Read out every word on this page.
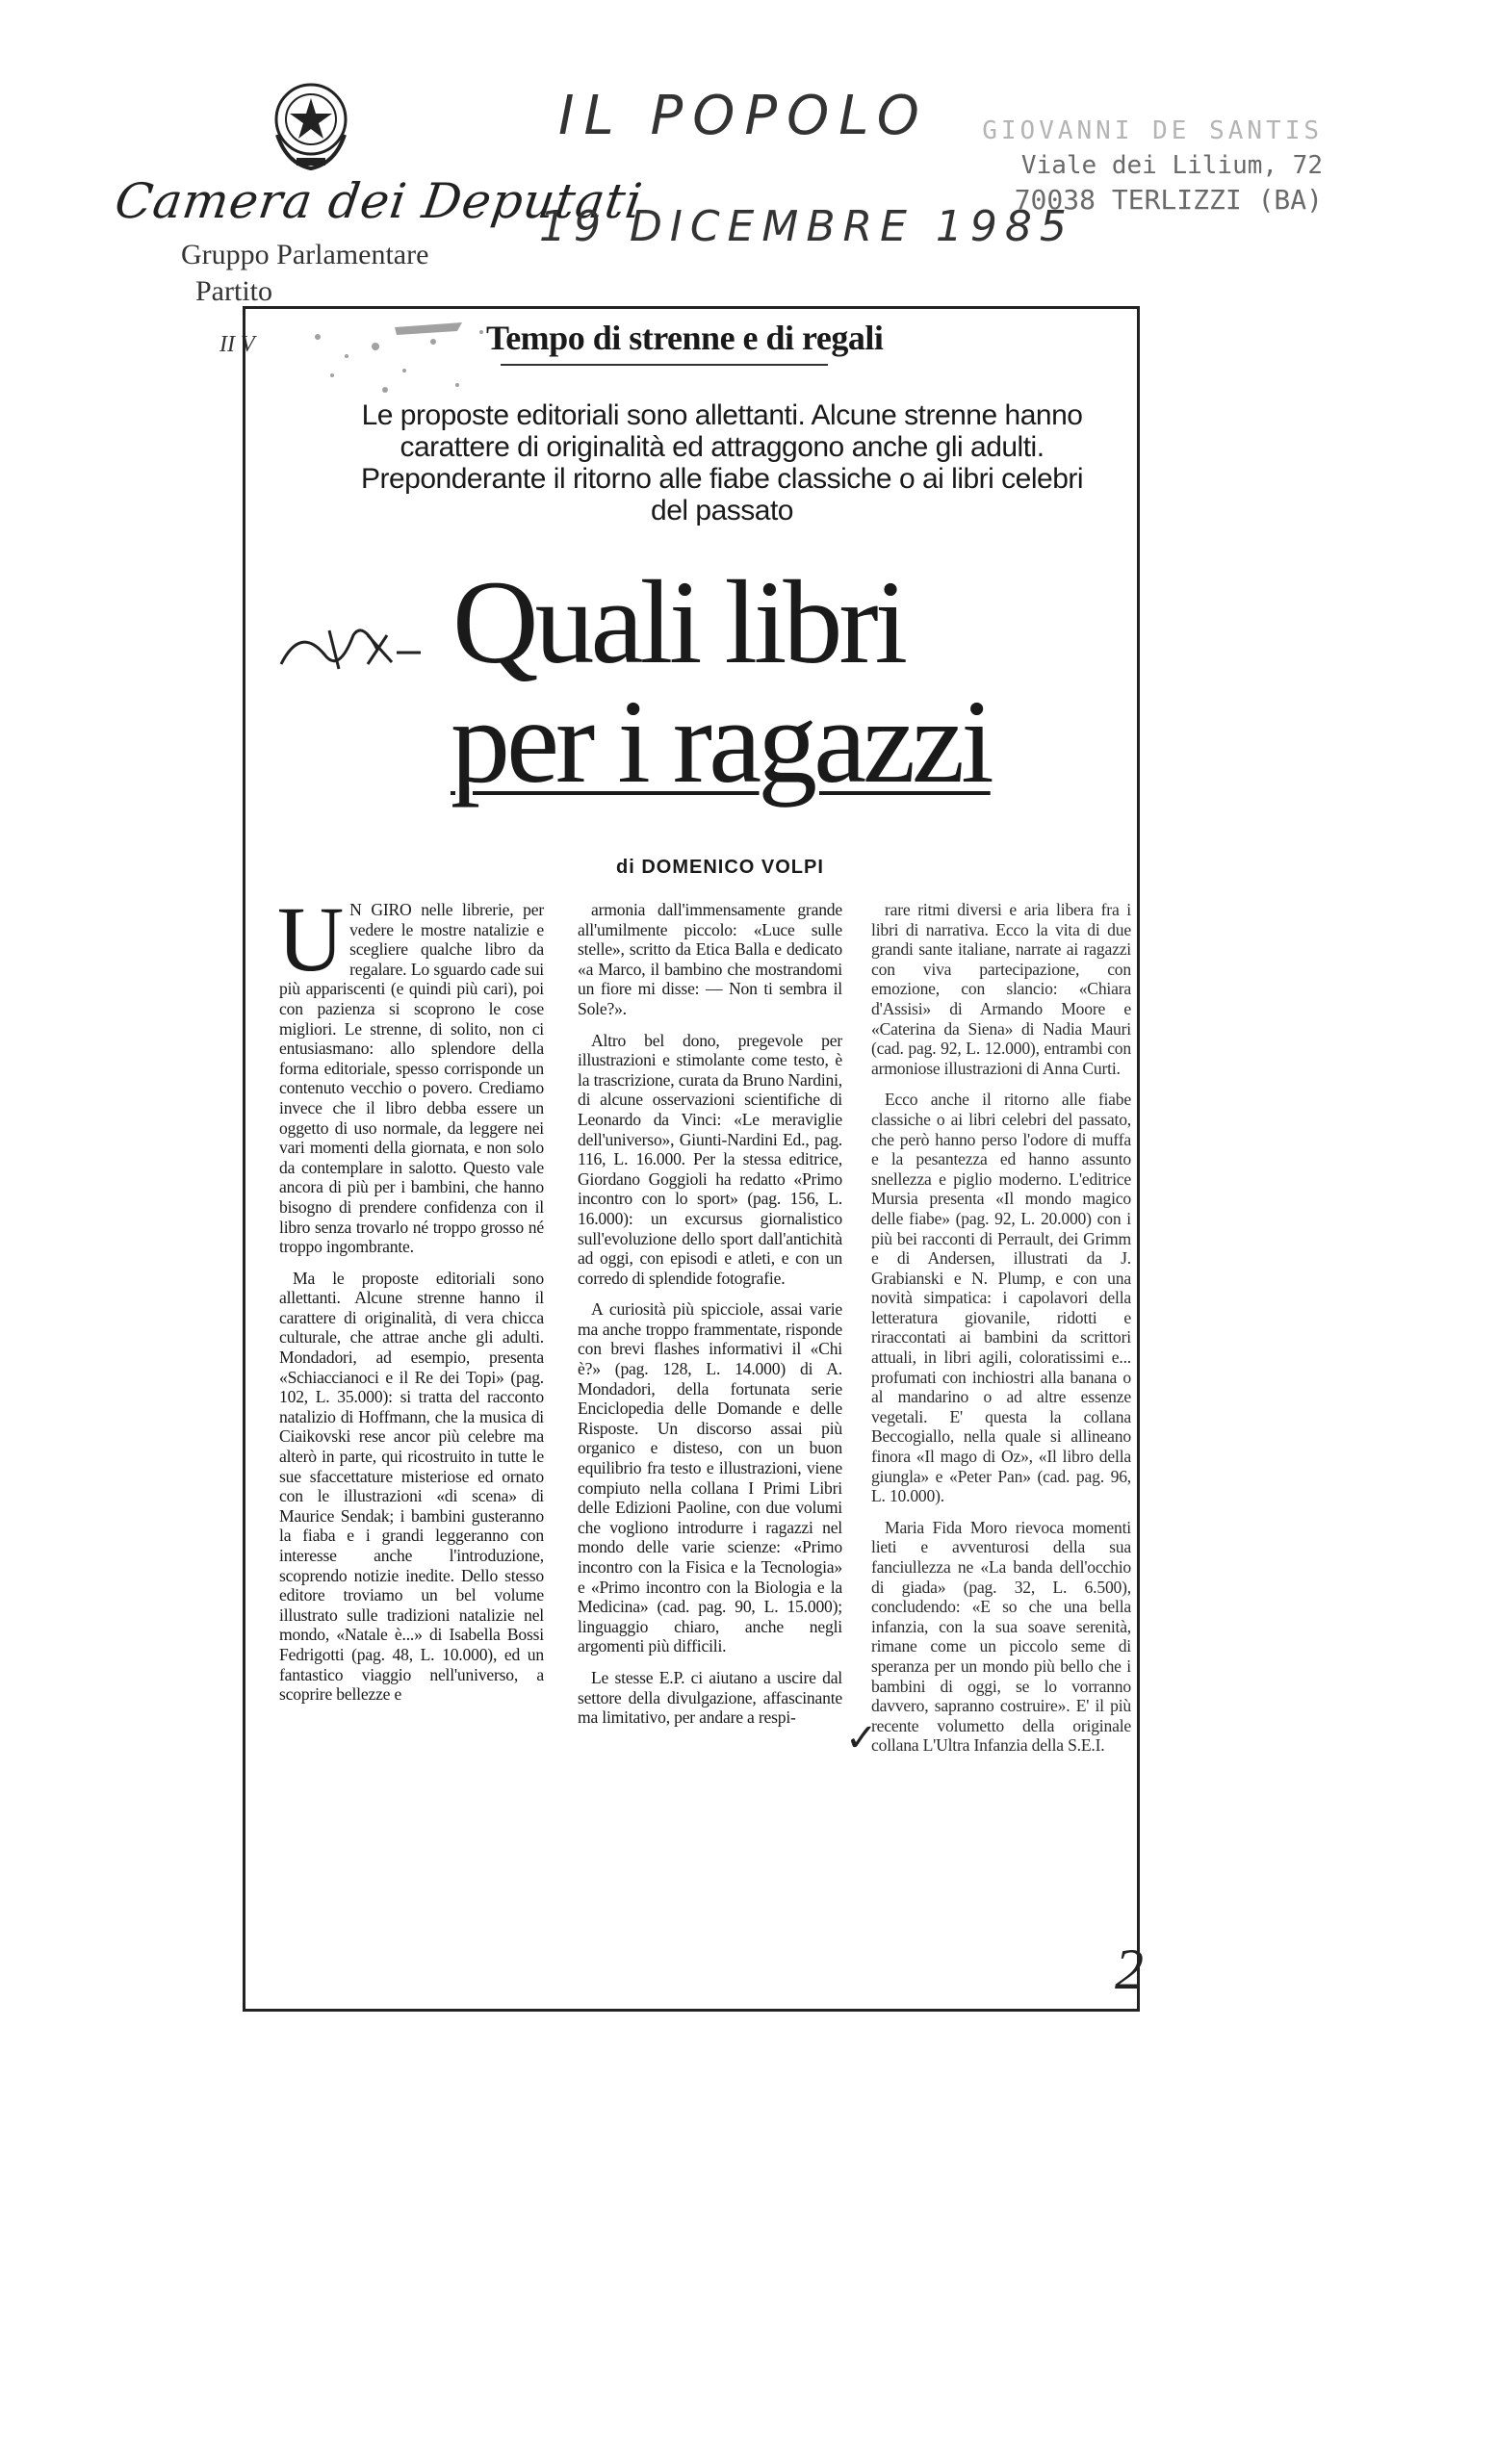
Camera dei Deputati
Gruppo Parlamentare
Partito
IL POPOLO
19 DICEMBRE 1985
GIOVANNI DE SANTIS
Viale dei Lilium, 72
70038 TERLIZZI (BA)
II V	Tempo di strenne e di regali
Le proposte editoriali sono allettanti. Alcune strenne hanno carattere di originalità ed attraggono anche gli adulti. Preponderante il ritorno alle fiabe classiche o ai libri celebri del passato
Quali libri
per i ragazzi
di DOMENICO VOLPI

U N GIRO nelle librerie, per vedere le mostre natalizie e scegliere qualche libro da regalare. Lo sguardo cade sui più appariscenti (e quindi più cari), poi con pazienza si scoprono le cose migliori. Le strenne, di solito, non ci entusiasmano: allo splendore della forma editoriale, spesso corrisponde un contenuto vecchio o povero. Crediamo invece che il libro debba essere un oggetto di uso normale, da leggere nei vari momenti della giornata, e non solo da contemplare in salotto. Questo vale ancora di più per i bambini, che hanno bisogno di prendere confidenza con il libro senza trovarlo né troppo grosso né troppo ingombrante.

Ma le proposte editoriali sono allettanti. Alcune strenne hanno il carattere di originalità, di vera chicca culturale, che attrae anche gli adulti. Mondadori, ad esempio, presenta «Schiaccianoci e il Re dei Topi» (pag. 102, L. 35.000): si tratta del racconto natalizio di Hoffmann, che la musica di Ciaikovski rese ancor più celebre ma alterò in parte, qui ricostruito in tutte le sue sfaccettature misteriose ed ornato con le illustrazioni «di scena» di Maurice Sendak; i bambini gusteranno la fiaba e i grandi leggeranno con interesse anche l'introduzione, scoprendo notizie inedite. Dello stesso editore troviamo un bel volume illustrato sulle tradizioni natalizie nel mondo, «Natale è...» di Isabella Bossi Fedrigotti (pag. 48, L. 10.000), ed un fantastico viaggio nell'universo, a scoprire bellezze e

armonia dall'immensamente grande all'umilmente piccolo: «Luce sulle stelle», scritto da Etica Balla e dedicato «a Marco, il bambino che mostrandomi un fiore mi disse: — Non ti sembra il Sole?».

Altro bel dono, pregevole per illustrazioni e stimolante come testo, è la trascrizione, curata da Bruno Nardini, di alcune osservazioni scientifiche di Leonardo da Vinci: «Le meraviglie dell'universo», Giunti-Nardini Ed., pag. 116, L. 16.000. Per la stessa editrice, Giordano Goggioli ha redatto «Primo incontro con lo sport» (pag. 156, L. 16.000): un excursus giornalistico sull'evoluzione dello sport dall'antichità ad oggi, con episodi e atleti, e con un corredo di splendide fotografie.

A curiosità più spicciole, assai varie ma anche troppo frammentate, risponde con brevi flashes informativi il «Chi è?» (pag. 128, L. 14.000) di A. Mondadori, della fortunata serie Enciclopedia delle Domande e delle Risposte. Un discorso assai più organico e disteso, con un buon equilibrio fra testo e illustrazioni, viene compiuto nella collana I Primi Libri delle Edizioni Paoline, con due volumi che vogliono introdurre i ragazzi nel mondo delle varie scienze: «Primo incontro con la Fisica e la Tecnologia» e «Primo incontro con la Biologia e la Medicina» (cad. pag. 90, L. 15.000); linguaggio chiaro, anche negli argomenti più difficili.

Le stesse E.P. ci aiutano a uscire dal settore della divulgazione, affascinante ma limitativo, per andare a respi-

rare ritmi diversi e aria libera fra i libri di narrativa. Ecco la vita di due grandi sante italiane, narrate ai ragazzi con viva partecipazione, con emozione, con slancio: «Chiara d'Assisi» di Armando Moore e «Caterina da Siena» di Nadia Mauri (cad. pag. 92, L. 12.000), entrambi con armoniose illustrazioni di Anna Curti.

Ecco anche il ritorno alle fiabe classiche o ai libri celebri del passato, che però hanno perso l'odore di muffa e la pesantezza ed hanno assunto snellezza e piglio moderno. L'editrice Mursia presenta «Il mondo magico delle fiabe» (pag. 92, L. 20.000) con i più bei racconti di Perrault, dei Grimm e di Andersen, illustrati da J. Grabianski e N. Plump, e con una novità simpatica: i capolavori della letteratura giovanile, ridotti e riraccontati ai bambini da scrittori attuali, in libri agili, coloratissimi e... profumati con inchiostri alla banana o al mandarino o ad altre essenze vegetali. E' questa la collana Beccogiallo, nella quale si allineano finora «Il mago di Oz», «Il libro della giungla» e «Peter Pan» (cad. pag. 96, L. 10.000).

Maria Fida Moro rievoca momenti lieti e avventurosi della sua fanciullezza ne «La banda dell'occhio di giada» (pag. 32, L. 6.500), concludendo: «E so che una bella infanzia, con la sua soave serenità, rimane come un piccolo seme di speranza per un mondo più bello che i bambini di oggi, se lo vorranno davvero, sapranno costruire». E' il più recente volumetto della originale collana L'Ultra Infanzia della S.E.I.

✓
2
